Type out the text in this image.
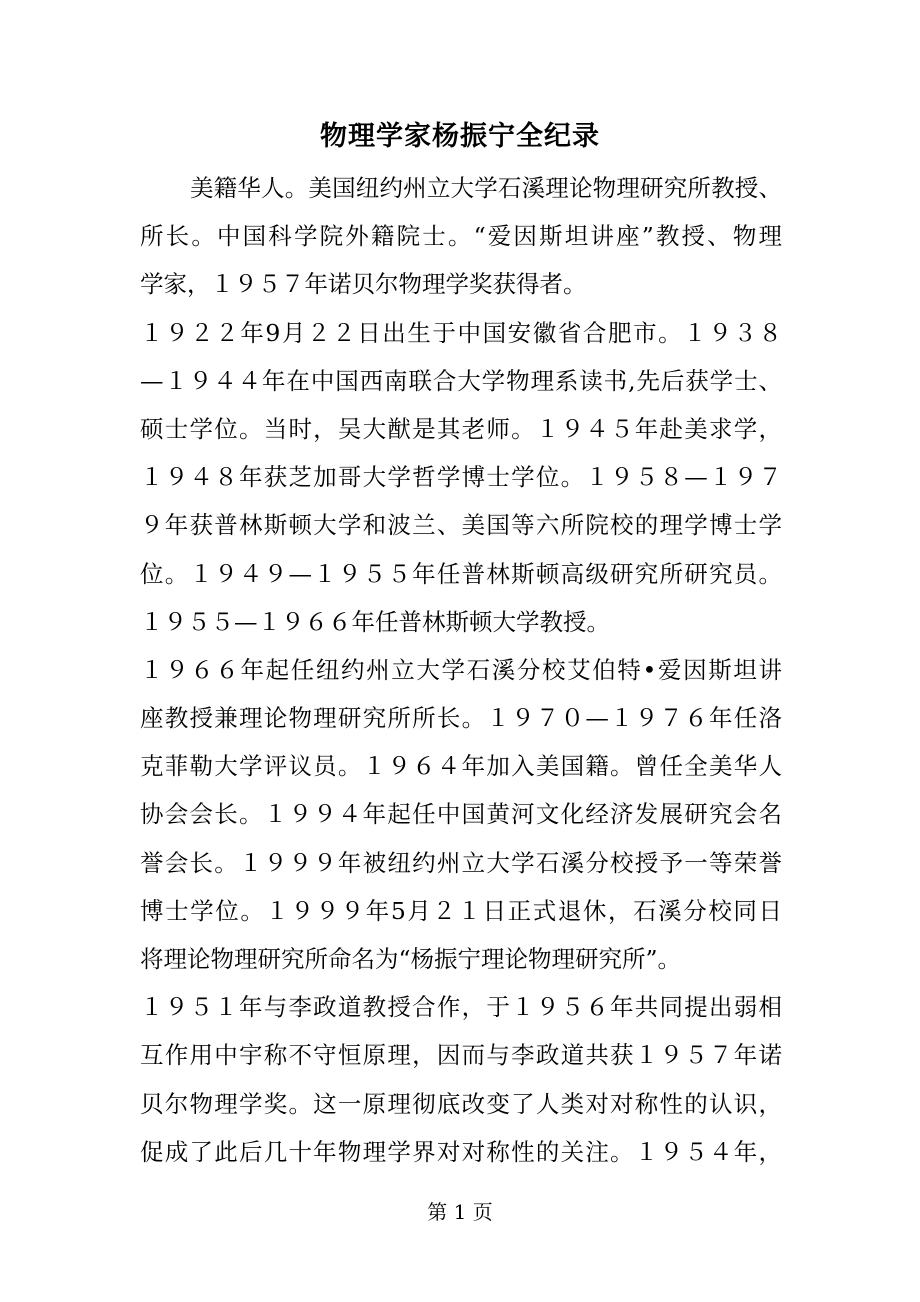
物理学家杨振宁全纪录
美籍华人。美国纽约州立大学石溪理论物理研究所教授、
所长。中国科学院外籍院士。“爱因斯坦讲座”教授、物理
学家，１９５７年诺贝尔物理学奖获得者。
１９２２年9月２２日出生于中国安徽省合肥市。１９３８
—１９４４年在中国西南联合大学物理系读书,先后获学士、
硕士学位。当时，吴大猷是其老师。１９４５年赴美求学，
１９４８年获芝加哥大学哲学博士学位。１９５８—１９７
９年获普林斯顿大学和波兰、美国等六所院校的理学博士学
位。１９４９—１９５５年任普林斯顿高级研究所研究员。
１９５５—１９６６年任普林斯顿大学教授。
１９６６年起任纽约州立大学石溪分校艾伯特•爱因斯坦讲
座教授兼理论物理研究所所长。１９７０—１９７６年任洛
克菲勒大学评议员。１９６４年加入美国籍。曾任全美华人
协会会长。１９９４年起任中国黄河文化经济发展研究会名
誉会长。１９９９年被纽约州立大学石溪分校授予一等荣誉
博士学位。１９９９年5月２１日正式退休，石溪分校同日
将理论物理研究所命名为“杨振宁理论物理研究所”。
１９５１年与李政道教授合作，于１９５６年共同提出弱相
互作用中宇称不守恒原理，因而与李政道共获１９５７年诺
贝尔物理学奖。这一原理彻底改变了人类对对称性的认识，
促成了此后几十年物理学界对对称性的关注。１９５４年，
第 1 页
